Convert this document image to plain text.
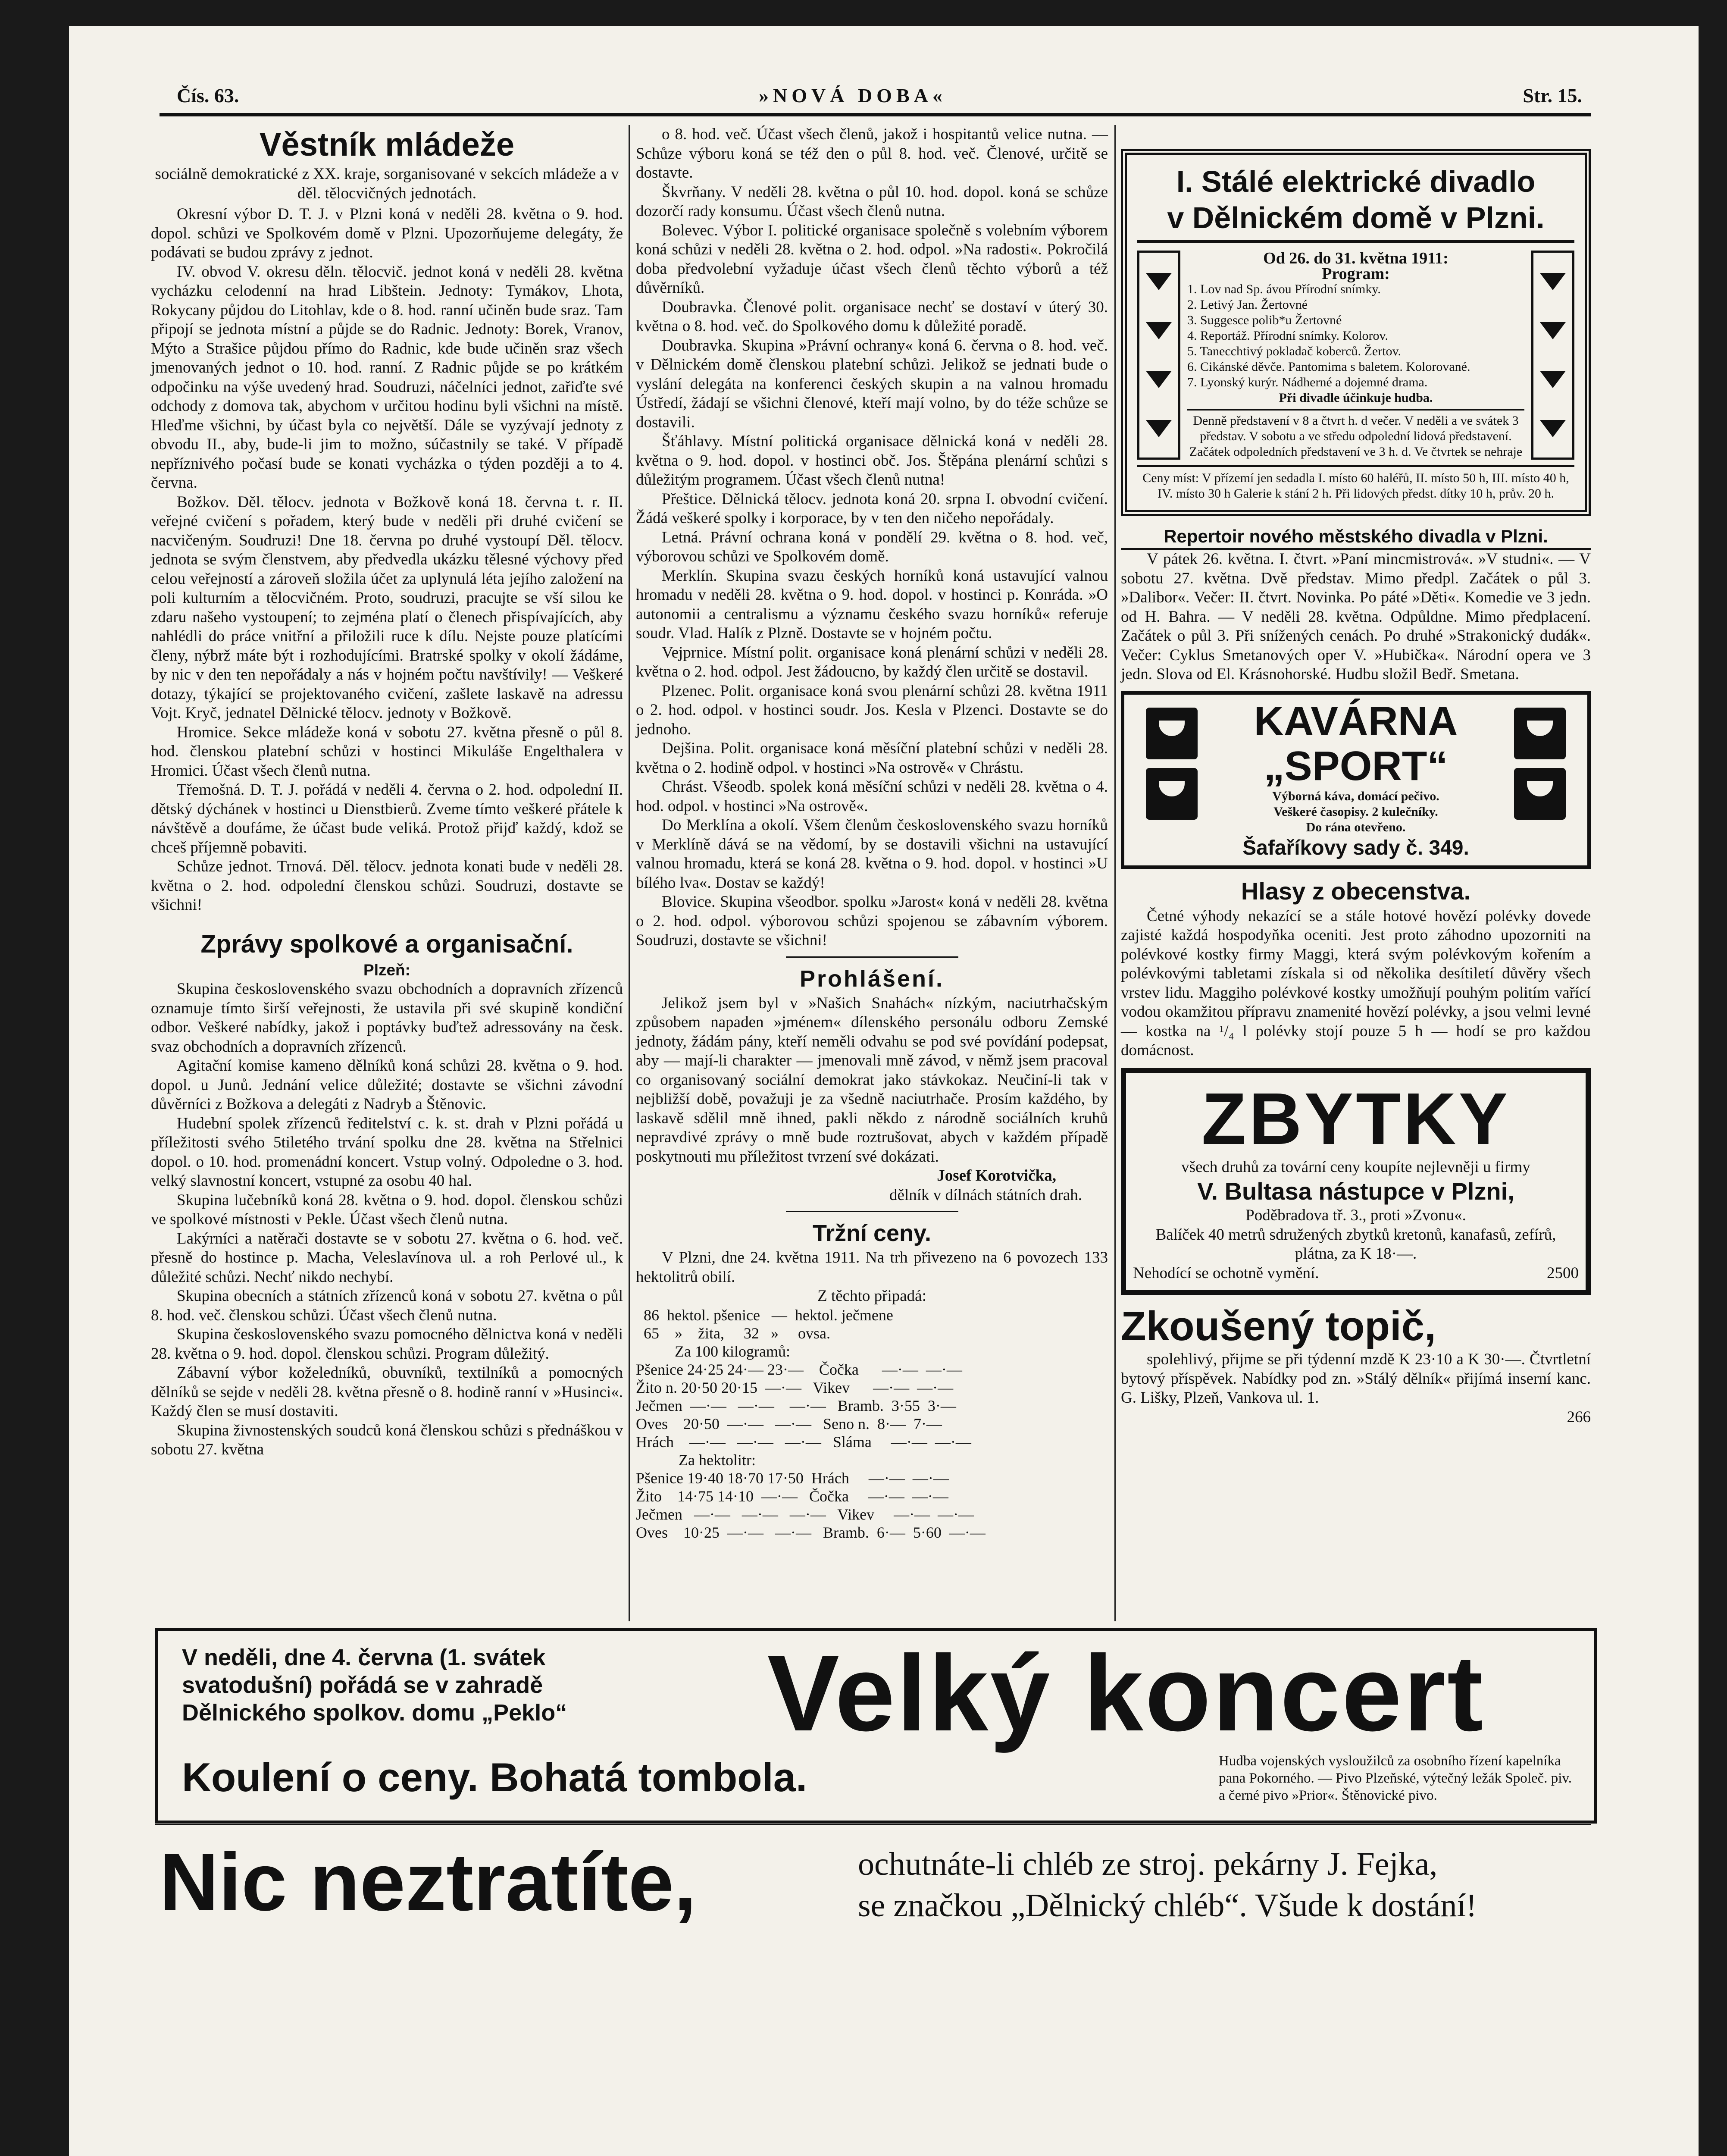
Čís. 63.	»NOVÁ DOBA«	Str. 15.
Věstník mládeže
sociálně demokratické z XX. kraje, sorganisované v sekcích mládeže a v děl. tělocvičných jednotách.

Okresní výbor D. T. J. v Plzni koná v neděli 28. května o 9. hod. dopol. schůzi ve Spolkovém domě v Plzni. Upozorňujeme delegáty, že podávati se budou zprávy z jednot.

IV. obvod V. okresu děln. tělocvič. jednot koná v neděli 28. května vycházku celodenní na hrad Libštein. Jednoty: Tymákov, Lhota, Rokycany půjdou do Litohlav, kde o 8. hod. ranní učiněn bude sraz. Tam připojí se jednota místní a půjde se do Radnic. Jednoty: Borek, Vranov, Mýto a Strašice půjdou přímo do Radnic, kde bude učiněn sraz všech jmenovaných jednot o 10. hod. ranní. Z Radnic půjde se po krátkém odpočinku na výše uvedený hrad. Soudruzi, náčelníci jednot, zařiďte své odchody z domova tak, abychom v určitou hodinu byli všichni na místě. Hleďme všichni, by účast byla co největší. Dále se vyzývají jednoty z obvodu II., aby, bude-li jim to možno, súčastnily se také. V případě nepříznivého počasí bude se konati vycházka o týden později a to 4. června.

Božkov. Děl. tělocv. jednota v Božkově koná 18. června t. r. II. veřejné cvičení s pořadem, který bude v neděli při druhé cvičení se nacvičeným. Soudruzi! Dne 18. června po druhé vystoupí Děl. tělocv. jednota se svým členstvem, aby předvedla ukázku tělesné výchovy před celou veřejností a zároveň složila účet za uplynulá léta jejího založení na poli kulturním a tělocvičném. Proto, soudruzi, pracujte se vší silou ke zdaru našeho vystoupení; to zejména platí o členech přispívajících, aby nahlédli do práce vnitřní a přiložili ruce k dílu. Nejste pouze platícími členy, nýbrž máte být i rozhodujícími. Bratrské spolky v okolí žádáme, by nic v den ten nepořádaly a nás v hojném počtu navštívily! — Veškeré dotazy, týkající se projektovaného cvičení, zašlete laskavě na adressu Vojt. Kryč, jednatel Dělnické tělocv. jednoty v Božkově.

Hromice. Sekce mládeže koná v sobotu 27. května přesně o půl 8. hod. členskou platební schůzi v hostinci Mikuláše Engelthalera v Hromici. Účast všech členů nutna.

Třemošná. D. T. J. pořádá v neděli 4. června o 2. hod. odpolední II. dětský dýchánek v hostinci u Dienstbierů. Zveme tímto veškeré přátele k návštěvě a doufáme, že účast bude veliká. Protož přijď každý, kdož se chceš příjemně pobaviti.

Schůze jednot. Trnová. Děl. tělocv. jednota konati bude v neděli 28. května o 2. hod. odpolední členskou schůzi. Soudruzi, dostavte se všichni!

Zprávy spolkové a organisační.
Plzeň:

Skupina československého svazu obchodních a dopravních zřízenců oznamuje tímto širší veřejnosti, že ustavila při své skupině kondiční odbor. Veškeré nabídky, jakož i poptávky buďtež adressovány na česk. svaz obchodních a dopravních zřízenců.

Agitační komise kameno dělníků koná schůzi 28. května o 9. hod. dopol. u Junů. Jednání velice důležité; dostavte se všichni závodní důvěrníci z Božkova a delegáti z Nadryb a Štěnovic.

Hudební spolek zřízenců ředitelství c. k. st. drah v Plzni pořádá u příležitosti svého 5tiletého trvání spolku dne 28. května na Střelnici dopol. o 10. hod. promenádní koncert. Vstup volný. Odpoledne o 3. hod. velký slavnostní koncert, vstupné za osobu 40 hal.

Skupina lučebníků koná 28. května o 9. hod. dopol. členskou schůzi ve spolkové místnosti v Pekle. Účast všech členů nutna.

Lakýrníci a natěrači dostavte se v sobotu 27. května o 6. hod. več. přesně do hostince p. Macha, Veleslavínova ul. a roh Perlové ul., k důležité schůzi. Nechť nikdo nechybí.

Skupina obecních a státních zřízenců koná v sobotu 27. května o půl 8. hod. več. členskou schůzi. Účast všech členů nutna.

Skupina československého svazu pomocného dělnictva koná v neděli 28. května o 9. hod. dopol. členskou schůzi. Program důležitý.

Zábavní výbor koželedníků, obuvníků, textilníků a pomocných dělníků se sejde v neděli 28. května přesně o 8. hodině ranní v »Husinci«. Každý člen se musí dostaviti.

Skupina živnostenských soudců koná členskou schůzi s přednáškou v sobotu 27. května

o 8. hod. več. Účast všech členů, jakož i hospitantů velice nutna. — Schůze výboru koná se též den o půl 8. hod. več. Členové, určitě se dostavte.

Škvrňany. V neděli 28. května o půl 10. hod. dopol. koná se schůze dozorčí rady konsumu. Účast všech členů nutna.

Bolevec. Výbor I. politické organisace společně s volebním výborem koná schůzi v neděli 28. května o 2. hod. odpol. »Na radosti«. Pokročilá doba předvolební vyžaduje účast všech členů těchto výborů a též důvěrníků.

Doubravka. Členové polit. organisace nechť se dostaví v úterý 30. května o 8. hod. več. do Spolkového domu k důležité poradě.

Doubravka. Skupina »Právní ochrany« koná 6. června o 8. hod. več. v Dělnickém domě členskou platební schůzi. Jelikož se jednati bude o vyslání delegáta na konferenci českých skupin a na valnou hromadu Ústředí, žádají se všichni členové, kteří mají volno, by do téže schůze se dostavili.

Šťáhlavy. Místní politická organisace dělnická koná v neděli 28. května o 9. hod. dopol. v hostinci obč. Jos. Štěpána plenární schůzi s důležitým programem. Účast všech členů nutna!

Přeštice. Dělnická tělocv. jednota koná 20. srpna I. obvodní cvičení. Žádá veškeré spolky i korporace, by v ten den ničeho nepořádaly.

Letná. Právní ochrana koná v pondělí 29. května o 8. hod. več, výborovou schůzi ve Spolkovém domě.

Merklín. Skupina svazu českých horníků koná ustavující valnou hromadu v neděli 28. května o 9. hod. dopol. v hostinci p. Konráda. »O autonomii a centralismu a významu českého svazu horníků« referuje soudr. Vlad. Halík z Plzně. Dostavte se v hojném počtu.

Vejprnice. Místní polit. organisace koná plenární schůzi v neděli 28. května o 2. hod. odpol. Jest žádoucno, by každý člen určitě se dostavil.

Plzenec. Polit. organisace koná svou plenární schůzi 28. května 1911 o 2. hod. odpol. v hostinci soudr. Jos. Kesla v Plzenci. Dostavte se do jednoho.

Dejšina. Polit. organisace koná měsíční platební schůzi v neděli 28. května o 2. hodině odpol. v hostinci »Na ostrově« v Chrástu.

Chrást. Všeodb. spolek koná měsíční schůzi v neděli 28. května o 4. hod. odpol. v hostinci »Na ostrově«.

Do Merklína a okolí. Všem členům československého svazu horníků v Merklíně dává se na vědomí, by se dostavili všichni na ustavující valnou hromadu, která se koná 28. května o 9. hod. dopol. v hostinci »U bílého lva«. Dostav se každý!

Blovice. Skupina všeodbor. spolku »Jarost« koná v neděli 28. května o 2. hod. odpol. výborovou schůzi spojenou se zábavním výborem. Soudruzi, dostavte se všichni!

Prohlášení.

Jelikož jsem byl v »Našich Snahách« nízkým, naciutrhačským způsobem napaden »jménem« dílenského personálu odboru Zemské jednoty, žádám pány, kteří neměli odvahu se pod své povídání podepsat, aby — mají-li charakter — jmenovali mně závod, v němž jsem pracoval co organisovaný sociální demokrat jako stávkokaz. Neučiní-li tak v nejbližší době, považuji je za všedně naciutrhače. Prosím každého, by laskavě sdělil mně ihned, pakli někdo z národně sociálních kruhů nepravdivé zprávy o mně bude roztrušovat, abych v každém případě poskytnouti mu příležitost tvrzení své dokázati.

Josef Korotvička,
dělník v dílnách státních drah.
Tržní ceny.

V Plzni, dne 24. května 1911. Na trh přivezeno na 6 povozech 133 hektolitrů obilí.

Z těchto připadá:
86  hektol. pšenice   —  hektol. ječmene
65    »    žita,     32   »     ovsa.
Za 100 kilogramů:
Pšenice 24·25 24·— 23·—    Čočka      —·—  —·—
Žito n. 20·50 20·15  —·—   Vikev      —·—  —·—
Ječmen  —·—   —·—    —·—   Bramb.  3·55  3·—
Oves    20·50  —·—   —·—   Seno n.  8·—  7·—
Hrách    —·—   —·—   —·—   Sláma     —·—  —·—
Za hektolitr:
Pšenice 19·40 18·70 17·50  Hrách     —·—  —·—
Žito    14·75 14·10  —·—   Čočka     —·—  —·—
Ječmen   —·—   —·—   —·—   Vikev     —·—  —·—
Oves    10·25  —·—   —·—   Bramb.  6·—  5·60  —·—
I. Stálé elektrické divadlo
v Dělnickém domě v Plzni.
Od 26. do 31. května 1911:
Program:
1. Lov nad Sp. ávou Přírodní snímky.
2. Letivý Jan. Žertovné
3. Suggesce polib*u Žertovné
4. Reportáž. Přírodní snímky. Kolorov.
5. Tanecchtivý pokladač koberců. Žertov.
6. Cikánské děvče. Pantomima s baletem. Kolorované.
7. Lyonský kurýr. Nádherné a dojemné drama.
Při divadle účinkuje hudba.
Denně představení v 8 a čtvrt h. d večer. V neděli a ve svátek 3 představ. V sobotu a ve středu odpolední lidová představení. Začátek odpoledních představení ve 3 h. d. Ve čtvrtek se nehraje
Ceny míst: V přízemí jen sedadla I. místo 60 haléřů, II. místo 50 h, III. místo 40 h, IV. místo 30 h Galerie k stání 2 h. Při lidových předst. dítky 10 h, prův. 20 h.
Repertoir nového městského divadla v Plzni.

V pátek 26. května. I. čtvrt. »Paní mincmistrová«. »V studni«. — V sobotu 27. května. Dvě představ. Mimo předpl. Začátek o půl 3. »Dalibor«. Večer: II. čtvrt. Novinka. Po páté »Děti«. Komedie ve 3 jedn. od H. Bahra. — V neděli 28. května. Odpůldne. Mimo předplacení. Začátek o půl 3. Při snížených cenách. Po druhé »Strakonický dudák«. Večer: Cyklus Smetanových oper V. »Hubička«. Národní opera ve 3 jedn. Slova od El. Krásnohorské. Hudbu složil Bedř. Smetana.

KAVÁRNA
„SPORT“
Výborná káva, domácí pečivo.
Veškeré časopisy. 2 kulečníky.
Do rána otevřeno.
Šafaříkovy sady č. 349.
Hlasy z obecenstva.

Četné výhody nekazící se a stále hotové hovězí polévky dovede zajisté každá hospodyňka oceniti. Jest proto záhodno upozorniti na polévkové kostky firmy Maggi, která svým polévkovým kořením a polévkovými tabletami získala si od několika desítiletí důvěry všech vrstev lidu. Maggiho polévkové kostky umožňují pouhým politím vařící vodou okamžitou přípravu znamenité hovězí polévky, a jsou velmi levné — kostka na ¹/₄ l polévky stojí pouze 5 h — hodí se pro každou domácnost.

ZBYTKY
všech druhů za tovární ceny koupíte nejlevněji u firmy
V. Bultasa nástupce v Plzni,
Poděbradova tř. 3., proti »Zvonu«.
Balíček 40 metrů sdružených zbytků kretonů, kanafasů, zefírů, plátna, za K 18·—.
Nehodící se ochotně vymění.	2500
Zkoušený topič,

spolehlivý, přijme se při týdenní mzdě K 23·10 a K 30·—. Čtvrtletní bytový příspěvek. Nabídky pod zn. »Stálý dělník« přijímá inserní kanc. G. Lišky, Plzeň, Vankova ul. 1.

266
V neděli, dne 4. června (1. svátek svatodušní) pořádá se v zahradě Dělnického spolkov. domu „Peklo“	Velký koncert
Koulení o ceny. Bohatá tombola.	Hudba vojenských vysloužilců za osobního řízení kapelníka pana Pokorného. — Pivo Plzeňské, výtečný ležák Společ. piv. a černé pivo »Prior«. Štěnovické pivo.
Nic neztratíte,	ochutnáte-li chléb ze stroj. pekárny J. Fejka,
se značkou „Dělnický chléb“. Všude k dostání!
